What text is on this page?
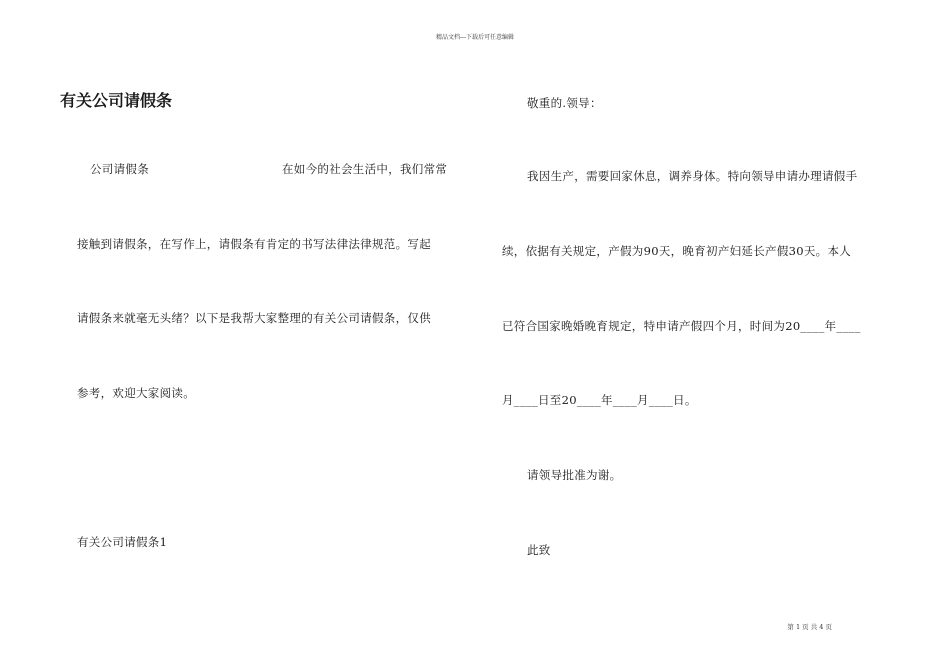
精品文档---下载后可任意编辑
有关公司请假条
公司请假条	在如今的社会生活中，我们常常
接触到请假条，在写作上，请假条有肯定的书写法律法律规范。写起
请假条来就毫无头绪？以下是我帮大家整理的有关公司请假条，仅供
参考，欢迎大家阅读。
有关公司请假条1
敬重的.领导：
我因生产，需要回家休息，调养身体。特向领导申请办理请假手
续，依据有关规定，产假为90天，晚育初产妇延长产假30天。本人
已符合国家晚婚晚育规定，特申请产假四个月，时间为20____年____
月____日至20____年____月____日。
请领导批准为谢。
此致
第 1 页 共 4 页
